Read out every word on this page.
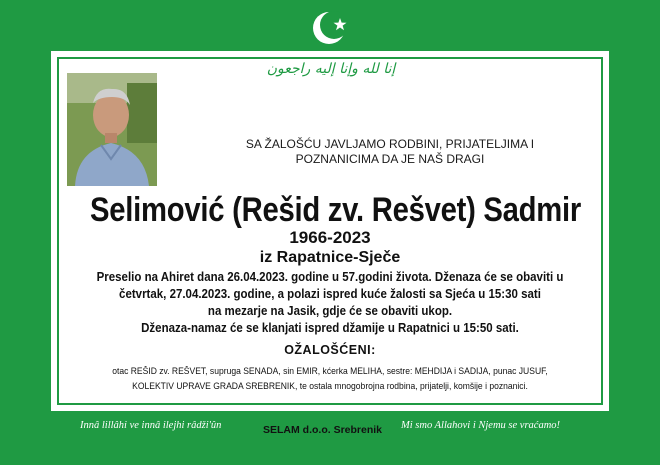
إنا لله وإنا إليه راجعون
SA ŽALOŠĆU JAVLJAMO RODBINI, PRIJATELJIMA I
POZNANICIMA DA JE NAŠ DRAGI
Selimović (Rešid zv. Rešvet) Sadmir
1966-2023
iz Rapatnice-Sječe
Preselio na Ahiret dana 26.04.2023. godine u 57.godini života. Dženaza će se obaviti u
četvrtak, 27.04.2023. godine, a polazi ispred kuće žalosti sa Sjeća u 15:30 sati
na mezarje na Jasik, gdje će se obaviti ukop.
Dženaza-namaz će se klanjati ispred džamije u Rapatnici u 15:50 sati.
OŽALOŠĆENI:
otac REŠID zv. REŠVET, supruga SENADA, sin EMIR, kćerka MELIHA, sestre: MEHDIJA i SADIJA, punac JUSUF,
KOLEKTIV UPRAVE GRADA SREBRENIK, te ostala mnogobrojna rodbina, prijatelji, komšije i poznanici.
Innâ lillâhi ve innâ ilejhi râdži'ûn	SELAM d.o.o. Srebrenik Mi smo Allahovi i Njemu se vraćamo!
